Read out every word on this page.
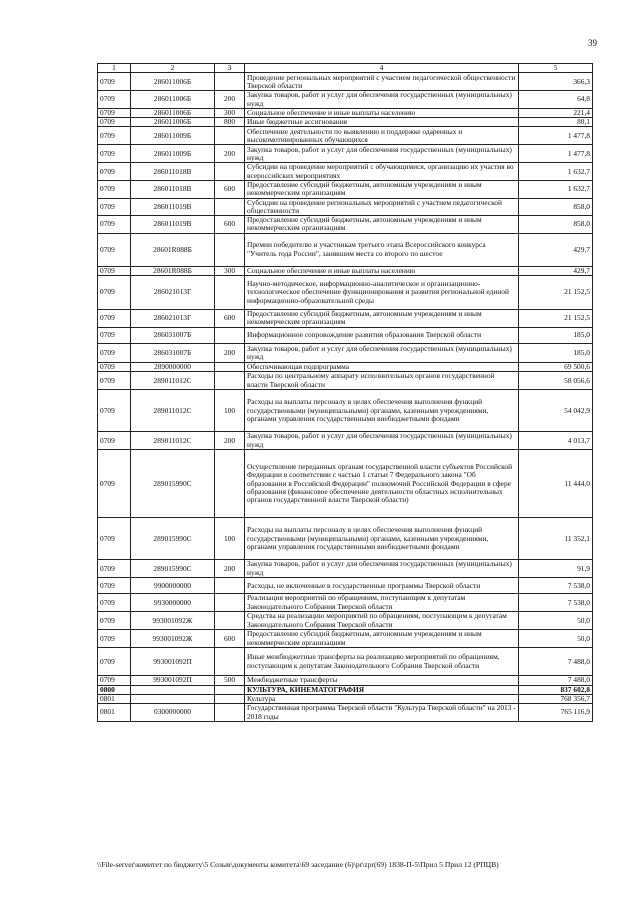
39
1	2	3	4	5
0709	286011006Б		Проведение региональных мероприятий с участием педагогической общественности Тверской области	366,3
0709	286011006Б	200	Закупка товаров, работ и услуг для обеспечения государственных (муниципальных) нужд	64,8
0709	286011006Б	300	Социальное обеспечение и иные выплаты населению	221,4
0709	286011006Б	800	Иные бюджетные ассигнования	80,1
0709	286011009Б		Обеспечение деятельности по выявлению и поддержке одаренных и высокомотивированных обучающихся	1 477,8
0709	286011009Б	200	Закупка товаров, работ и услуг для обеспечения государственных (муниципальных) нужд	1 477,8
0709	286011018В		Субсидии на проведение мероприятий с обучающимися, организацию их участия во всероссийских мероприятиях	1 632,7
0709	286011018В	600	Предоставление субсидий бюджетным, автономным учреждениям и иным некоммерческим организациям	1 632,7
0709	286011019В		Субсидии на проведение региональных мероприятий с участием педагогической общественности	858,0
0709	286011019В	600	Предоставление субсидий бюджетным, автономным учреждениям и иным некоммерческим организациям	858,0
0709	28601R088Б		Премии победителю и участникам третьего этапа Всероссийского конкурса "Учитель года России", занявшим места со второго по шестое	429,7
0709	28601R088Б	300	Социальное обеспечение и иные выплаты населению	429,7
0709	286021013Г		Научно-методическое, информационно-аналитическое и организационно-технологическое обеспечение функционирования и развития региональной единой информационно-образовательной среды	21 152,5
0709	286021013Г	600	Предоставление субсидий бюджетным, автономным учреждениям и иным некоммерческим организациям	21 152,5
0709	286031007Б		Информационное сопровождение развития образования Тверской области	185,0
0709	286031007Б	200	Закупка товаров, работ и услуг для обеспечения государственных (муниципальных) нужд	185,0
0709	2890000000		Обеспечивающая подпрограмма	69 500,6
0709	289011012С		Расходы по центральному аппарату исполнительных органов государственной власти Тверской области	58 056,6
0709	289011012С	100	Расходы на выплаты персоналу в целях обеспечения выполнения функций государственными (муниципальными) органами, казенными учреждениями, органами управления государственными внебюджетными фондами	54 042,9
0709	289011012С	200	Закупка товаров, работ и услуг для обеспечения государственных (муниципальных) нужд	4 013,7
0709	289015990С		Осуществление переданных органам государственной власти субъектов Российской Федерации в соответствии с частью 1 статьи 7 Федерального закона "Об образовании в Российской Федерации" полномочий Российской Федерации в сфере образования (финансовое обеспечение деятельности областных исполнительных органов государственной власти Тверской области)	11 444,0
0709	289015990С	100	Расходы на выплаты персоналу в целях обеспечения выполнения функций государственными (муниципальными) органами, казенными учреждениями, органами управления государственными внебюджетными фондами	11 352,1
0709	289015990С	200	Закупка товаров, работ и услуг для обеспечения государственных (муниципальных) нужд	91,9
0709	9900000000		Расходы, не включенные в государственные программы Тверской области	7 538,0
0709	9930000000		Реализация мероприятий по обращениям, поступающим к депутатам Законодательного Собрания Тверской области	7 538,0
0709	993001092Ж		Средства на реализацию мероприятий по обращениям, поступающим к депутатам Законодательного Собрания Тверской области	50,0
0709	993001092Ж	600	Предоставление субсидий бюджетным, автономным учреждениям и иным некоммерческим организациям	50,0
0709	993001092П		Иные межбюджетные трансферты на реализацию мероприятий по обращениям, поступающим к депутатам Законодательного Собрания Тверской области	7 488,0
0709	993001092П	500	Межбюджетные трансферты	7 488,0
0800			КУЛЬТУРА, КИНЕМАТОГРАФИЯ	837 602,8
0801			Культура	768 356,7
0801	0300000000		Государственная программа Тверской области "Культура Тверской области" на 2013 - 2018 годы	765 116,9
\\File-server\комитет по бюджету\5 Созыв\документы комитета\69 заседание (6)\pr\zpr(69) 1838-П-5\Прил 5 Прил 12 (РПЦВ)
